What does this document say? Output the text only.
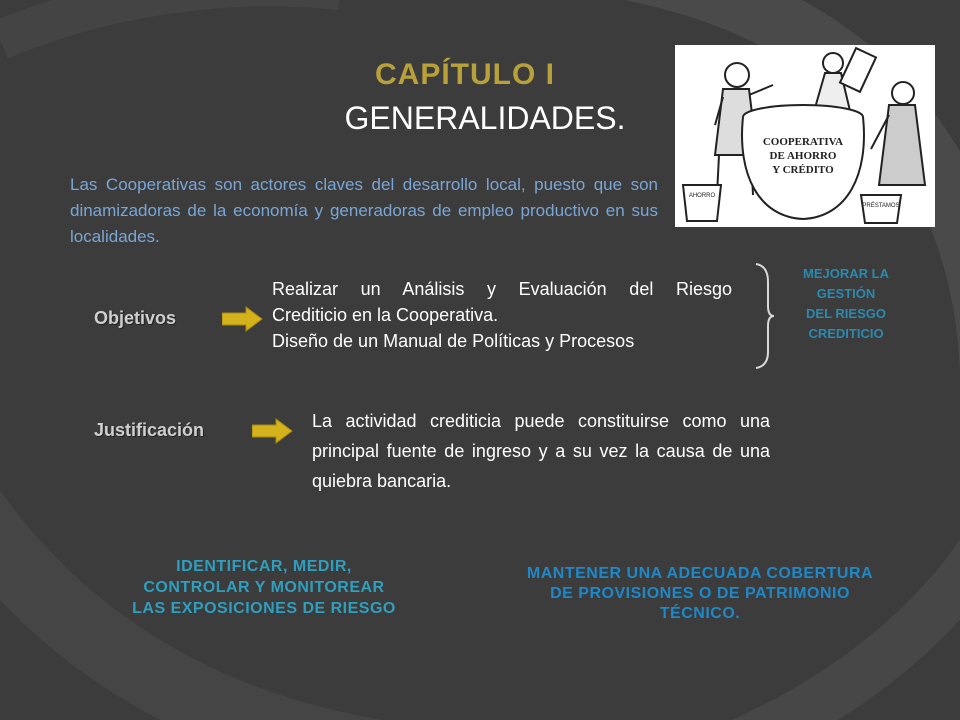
CAPÍTULO I
GENERALIDADES.
COOPERATIVA
DE AHORRO
Y CRÉDITO
AHORRO
PRÉSTAMOS
Las Cooperativas son actores claves del desarrollo local, puesto que son dinamizadoras de la economía y generadoras de empleo productivo en sus localidades.
Objetivos
Realizar un Análisis y Evaluación del Riesgo
Crediticio en la Cooperativa.
Diseño de un Manual de Políticas y Procesos
MEJORAR LA
GESTIÓN
DEL RIESGO
CREDITICIO
Justificación	La actividad crediticia puede constituirse como una principal fuente de ingreso y a su vez la causa de una quiebra bancaria.
IDENTIFICAR, MEDIR,
CONTROLAR Y MONITOREAR
LAS EXPOSICIONES DE RIESGO
MANTENER UNA ADECUADA COBERTURA
DE PROVISIONES O DE PATRIMONIO
TÉCNICO.
